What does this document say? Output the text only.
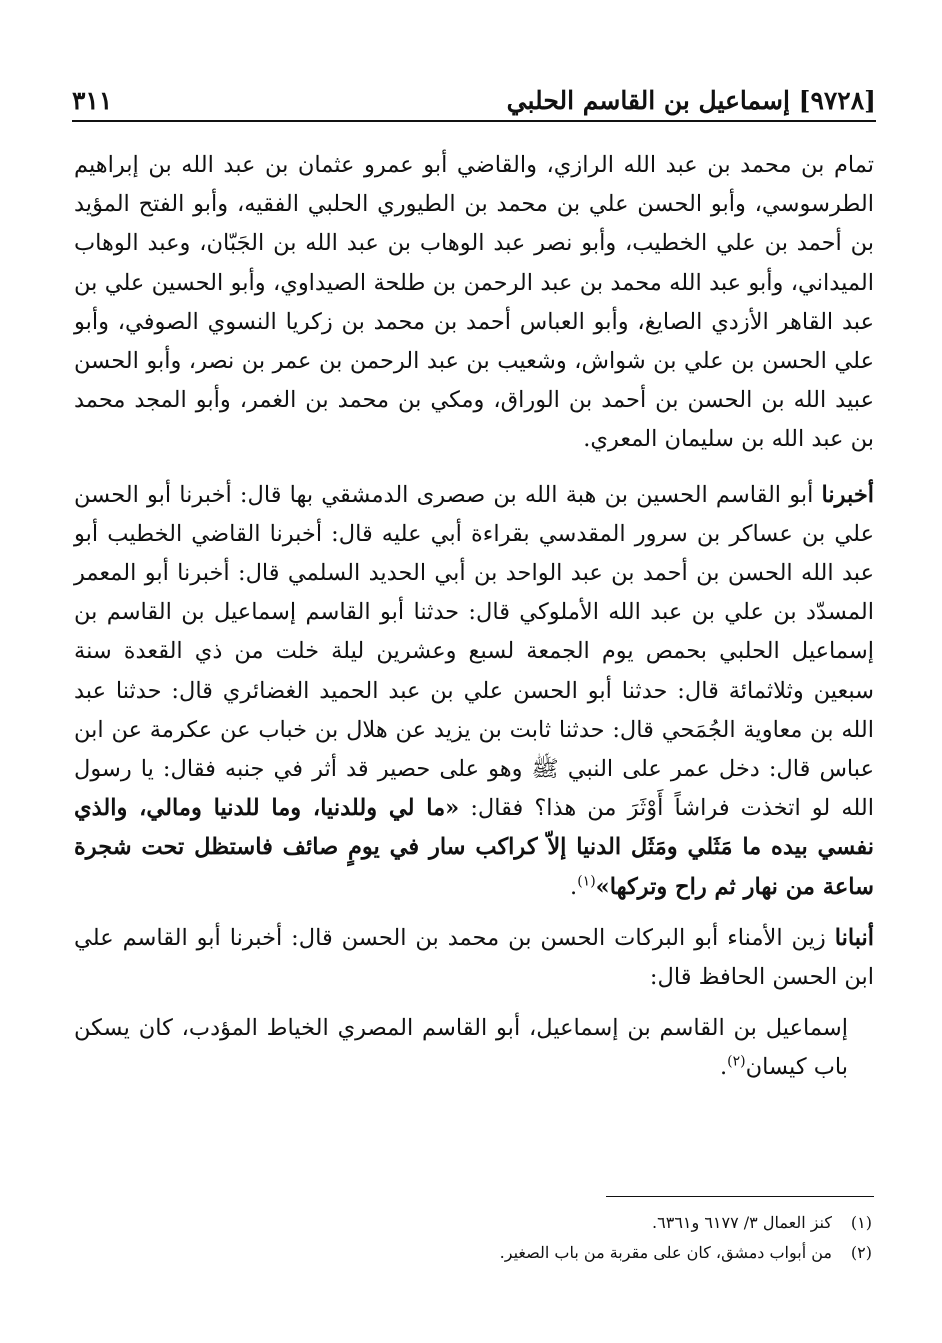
[٩٧٢٨] إسماعيل بن القاسم الحلبي
٣١١

تمام بن محمد بن عبد الله الرازي، والقاضي أبو عمرو عثمان بن عبد الله بن إبراهيم الطرسوسي، وأبو الحسن علي بن محمد بن الطيوري الحلبي الفقيه، وأبو الفتح المؤيد بن أحمد بن علي الخطيب، وأبو نصر عبد الوهاب بن عبد الله بن الجَبّان، وعبد الوهاب الميداني، وأبو عبد الله محمد بن عبد الرحمن بن طلحة الصيداوي، وأبو الحسين علي بن عبد القاهر الأزدي الصايغ، وأبو العباس أحمد بن محمد بن زكريا النسوي الصوفي، وأبو علي الحسن بن علي بن شواش، وشعيب بن عبد الرحمن بن عمر بن نصر، وأبو الحسن عبيد الله بن الحسن بن أحمد بن الوراق، ومكي بن محمد بن الغمر، وأبو المجد محمد بن عبد الله بن سليمان المعري.

أخبرنا أبو القاسم الحسين بن هبة الله بن صصرى الدمشقي بها قال: أخبرنا أبو الحسن علي بن عساكر بن سرور المقدسي بقراءة أبي عليه قال: أخبرنا القاضي الخطيب أبو عبد الله الحسن بن أحمد بن عبد الواحد بن أبي الحديد السلمي قال: أخبرنا أبو المعمر المسدّد بن علي بن عبد الله الأملوكي قال: حدثنا أبو القاسم إسماعيل بن القاسم بن إسماعيل الحلبي بحمص يوم الجمعة لسبع وعشرين ليلة خلت من ذي القعدة سنة سبعين وثلاثمائة قال: حدثنا أبو الحسن علي بن عبد الحميد الغضائري قال: حدثنا عبد الله بن معاوية الجُمَحي قال: حدثنا ثابت بن يزيد عن هلال بن خباب عن عكرمة عن ابن عباس قال: دخل عمر على النبي ﷺ وهو على حصير قد أثر في جنبه فقال: يا رسول الله لو اتخذت فراشاً أَوْثَرَ من هذا؟ فقال: «ما لي وللدنيا، وما للدنيا ومالي، والذي نفسي بيده ما مَثَلي ومَثَل الدنيا إلاّ كراكب سار في يومٍ صائف فاستظل تحت شجرة ساعة من نهار ثم راح وتركها»$^{(١)}$.

أنبانا زين الأمناء أبو البركات الحسن بن محمد بن الحسن قال: أخبرنا أبو القاسم علي ابن الحسن الحافظ قال:

إسماعيل بن القاسم بن إسماعيل، أبو القاسم المصري الخياط المؤدب، كان يسكن باب كيسان$^{(٢)}$.

(١)كنز العمال ٣/ ٦١٧٧ و٦٣٦١.

(٢)من أبواب دمشق، كان على مقربة من باب الصغير.
